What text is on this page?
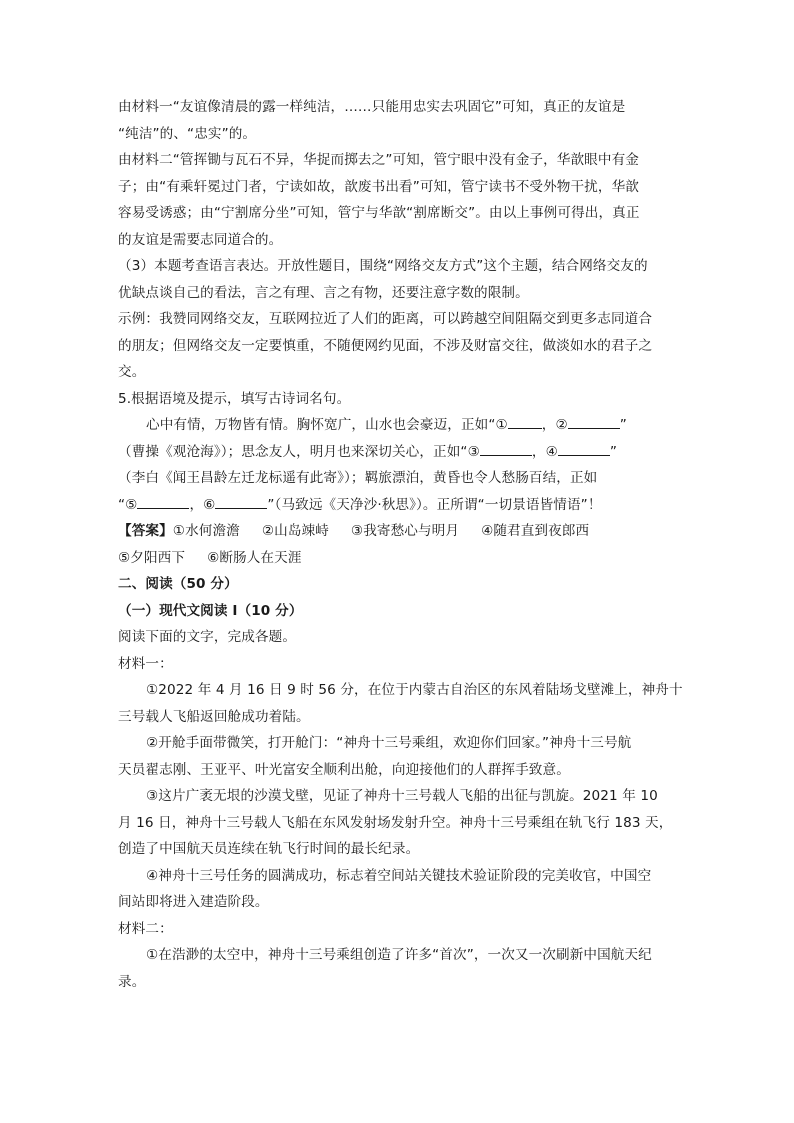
由材料一“友谊像清晨的露一样纯洁，……只能用忠实去巩固它”可知，真正的友谊是

“纯洁”的、“忠实”的。

由材料二“管挥锄与瓦石不异，华捉而掷去之”可知，管宁眼中没有金子，华歆眼中有金

子；由“有乘轩冕过门者，宁读如故，歆废书出看”可知，管宁读书不受外物干扰，华歆

容易受诱惑；由“宁割席分坐”可知，管宁与华歆“割席断交”。由以上事例可得出，真正

的友谊是需要志同道合的。

（3）本题考查语言表达。开放性题目，围绕“网络交友方式”这个主题，结合网络交友的

优缺点谈自己的看法，言之有理、言之有物，还要注意字数的限制。

示例：我赞同网络交友，互联网拉近了人们的距离，可以跨越空间阻隔交到更多志同道合

的朋友；但网络交友一定要慎重，不随便网约见面，不涉及财富交往，做淡如水的君子之

交。

5.根据语境及提示，填写古诗词名句。

心中有情，万物皆有情。胸怀宽广，山水也会豪迈，正如“①	，②	”

（曹操《观沧海》）；思念友人，明月也来深切关心，正如“③	，④	”

（李白《闻王昌龄左迁龙标遥有此寄》）；羁旅漂泊，黄昏也令人愁肠百结，正如

“⑤	，⑥	”（马致远《天净沙·秋思》）。正所谓“一切景语皆情语”！

【答案】①水何澹澹 ②山岛竦峙 ③我寄愁心与明月 ④随君直到夜郎西

⑤夕阳西下 ⑥断肠人在天涯

二、阅读（50 分）

（一）现代文阅读 I（10 分）

阅读下面的文字，完成各题。

材料一：

①2022 年 4 月 16 日 9 时 56 分，在位于内蒙古自治区的东风着陆场戈壁滩上，神舟十

三号载人飞船返回舱成功着陆。

②开舱手面带微笑，打开舱门：“神舟十三号乘组，欢迎你们回家。”神舟十三号航

天员翟志刚、王亚平、叶光富安全顺利出舱，向迎接他们的人群挥手致意。

③这片广袤无垠的沙漠戈壁，见证了神舟十三号载人飞船的出征与凯旋。2021 年 10

月 16 日，神舟十三号载人飞船在东风发射场发射升空。神舟十三号乘组在轨飞行 183 天，

创造了中国航天员连续在轨飞行时间的最长纪录。

④神舟十三号任务的圆满成功，标志着空间站关键技术验证阶段的完美收官，中国空

间站即将进入建造阶段。

材料二：

①在浩渺的太空中，神舟十三号乘组创造了许多“首次”，一次又一次刷新中国航天纪

录。
